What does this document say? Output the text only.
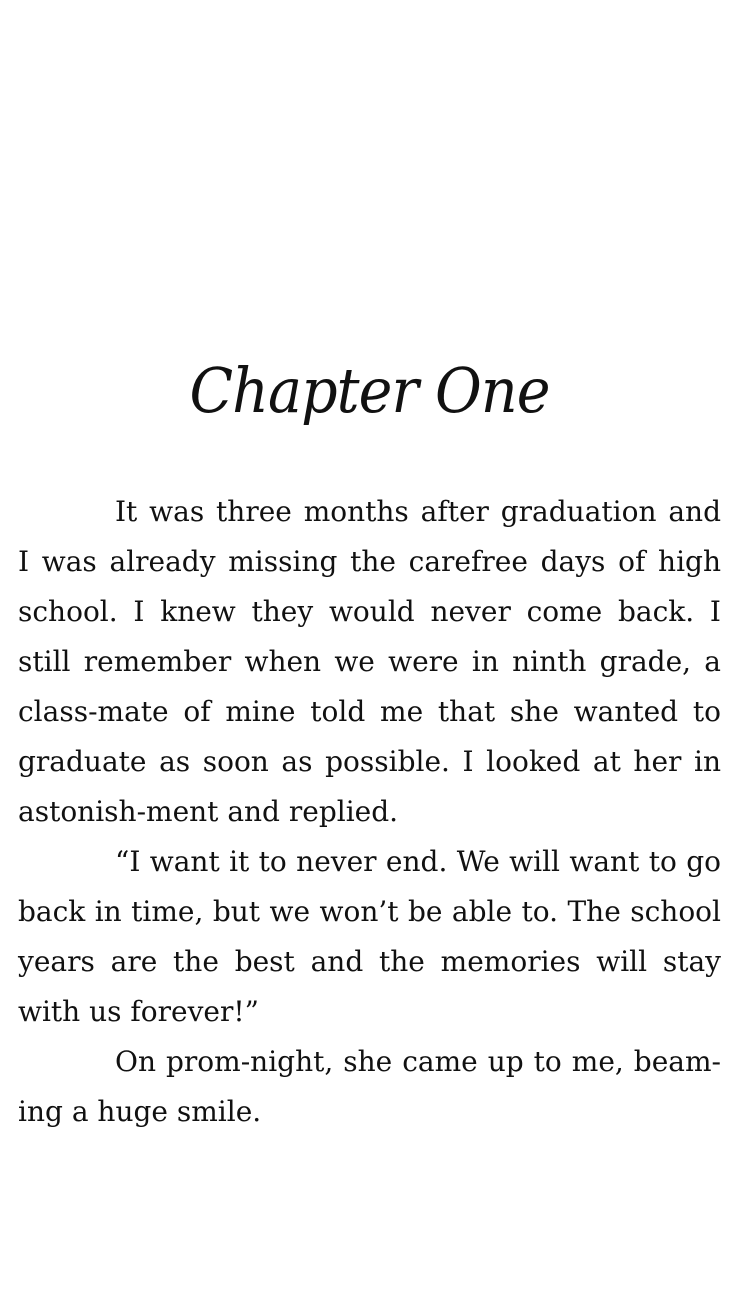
Chapter One

It was three months after graduation and I was already missing the carefree days of high school. I knew they would never come back. I still remember when we were in ninth grade, a class-mate of mine told me that she wanted to graduate as soon as possible. I looked at her in astonish-ment and replied.

“I want it to never end. We will want to go back in time, but we won’t be able to. The school years are the best and the memories will stay with us forever!”

On prom-night, she came up to me, beam-ing a huge smile.
